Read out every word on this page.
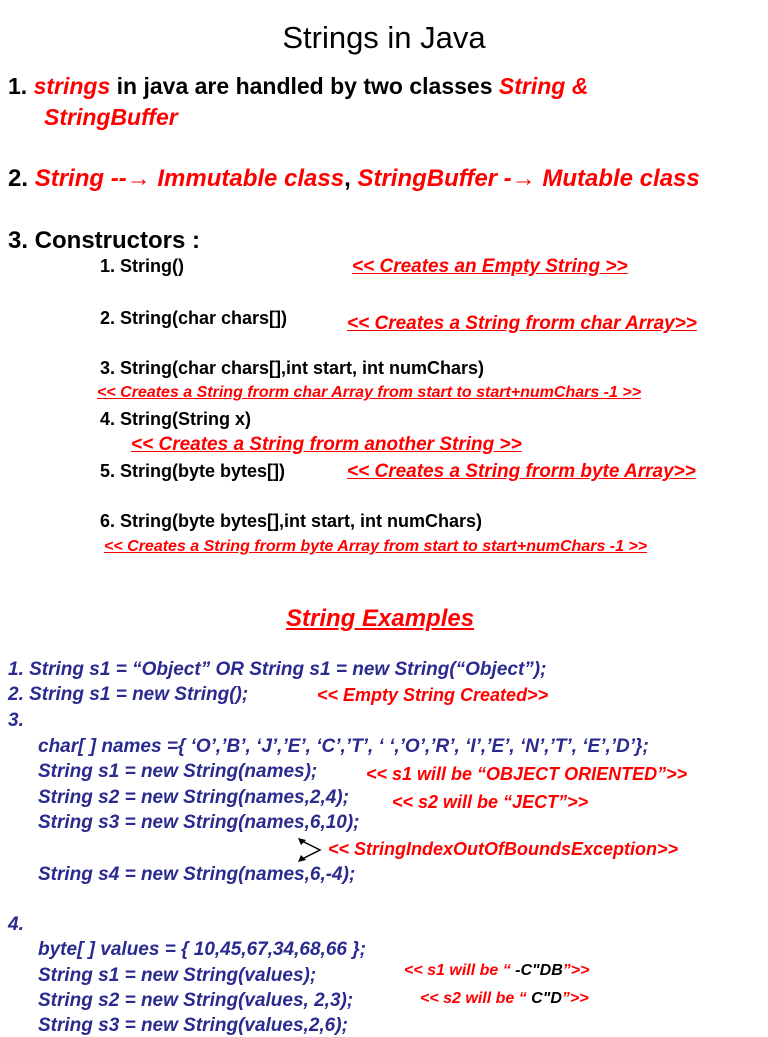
Strings in Java
1. strings in java are handled by two classes String &
StringBuffer
2. String --→ Immutable class, StringBuffer -→ Mutable class
3. Constructors :
1. String()	<< Creates an Empty String >>
2. String(char chars[])	<< Creates a String frorm char Array>>
3. String(char chars[],int start, int numChars)
<< Creates a String frorm char Array from start to start+numChars -1 >>
4. String(String x)
<< Creates a String frorm another String >>
5. String(byte bytes[])	<< Creates a String frorm byte Array>>
6. String(byte bytes[],int start, int numChars)
<< Creates a String frorm byte Array from start to start+numChars -1 >>
String Examples
1. String s1 = “Object” OR String s1 = new String(“Object”);
2. String s1 = new String();	<< Empty String Created>>
3.
char[ ] names ={ ‘O’,’B’, ‘J’,’E’, ‘C’,’T’, ‘ ‘,’O’,’R’, ‘I’,’E’, ‘N’,’T’, ‘E’,’D’};
String s1 = new String(names);	<< s1 will be “OBJECT ORIENTED”>>
String s2 = new String(names,2,4); << s2 will be “JECT”>>
String s3 = new String(names,6,10);
<< StringIndexOutOfBoundsException>>
String s4 = new String(names,6,-4);
4.
byte[ ] values = { 10,45,67,34,68,66 };
String s1 = new String(values);	<< s1 will be “ -C"DB”>>
String s2 = new String(values, 2,3);	<< s2 will be “ C"D”>>
String s3 = new String(values,2,6);
